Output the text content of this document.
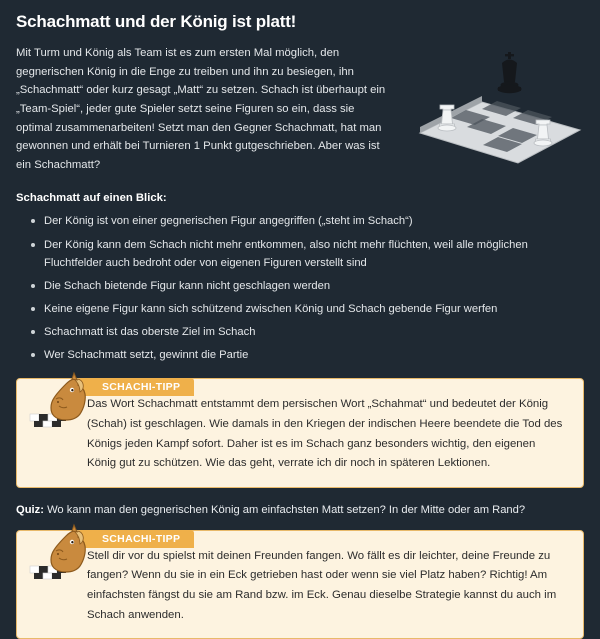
Schachmatt und der König ist platt!

Mit Turm und König als Team ist es zum ersten Mal möglich, den gegnerischen König in die Enge zu treiben und ihn zu besiegen, ihn „Schachmatt“ oder kurz gesagt „Matt“ zu setzen. Schach ist überhaupt ein „Team-Spiel“, jeder gute Spieler setzt seine Figuren so ein, dass sie optimal zusammenarbeiten! Setzt man den Gegner Schachmatt, hat man gewonnen und erhält bei Turnieren 1 Punkt gutgeschrieben. Aber was ist ein Schachmatt?

Schachmatt auf einen Blick:
Der König ist von einer gegnerischen Figur angegriffen („steht im Schach“)
Der König kann dem Schach nicht mehr entkommen, also nicht mehr flüchten, weil alle möglichen Fluchtfelder auch bedroht oder von eigenen Figuren verstellt sind
Die Schach bietende Figur kann nicht geschlagen werden
Keine eigene Figur kann sich schützend zwischen König und Schach gebende Figur werfen
Schachmatt ist das oberste Ziel im Schach
Wer Schachmatt setzt, gewinnt die Partie
SCHACHI-TIPP
Das Wort Schachmatt entstammt dem persischen Wort „Schahmat“ und bedeutet der König (Schah) ist geschlagen. Wie damals in den Kriegen der indischen Heere beendete die Tod des Königs jeden Kampf sofort. Daher ist es im Schach ganz besonders wichtig, den eigenen König gut zu schützen. Wie das geht, verrate ich dir noch in späteren Lektionen.
Quiz: Wo kann man den gegnerischen König am einfachsten Matt setzen? In der Mitte oder am Rand?
SCHACHI-TIPP
Stell dir vor du spielst mit deinen Freunden fangen. Wo fällt es dir leichter, deine Freunde zu fangen? Wenn du sie in ein Eck getrieben hast oder wenn sie viel Platz haben? Richtig! Am einfachsten fängst du sie am Rand bzw. im Eck. Genau dieselbe Strategie kannst du auch im Schach anwenden.
